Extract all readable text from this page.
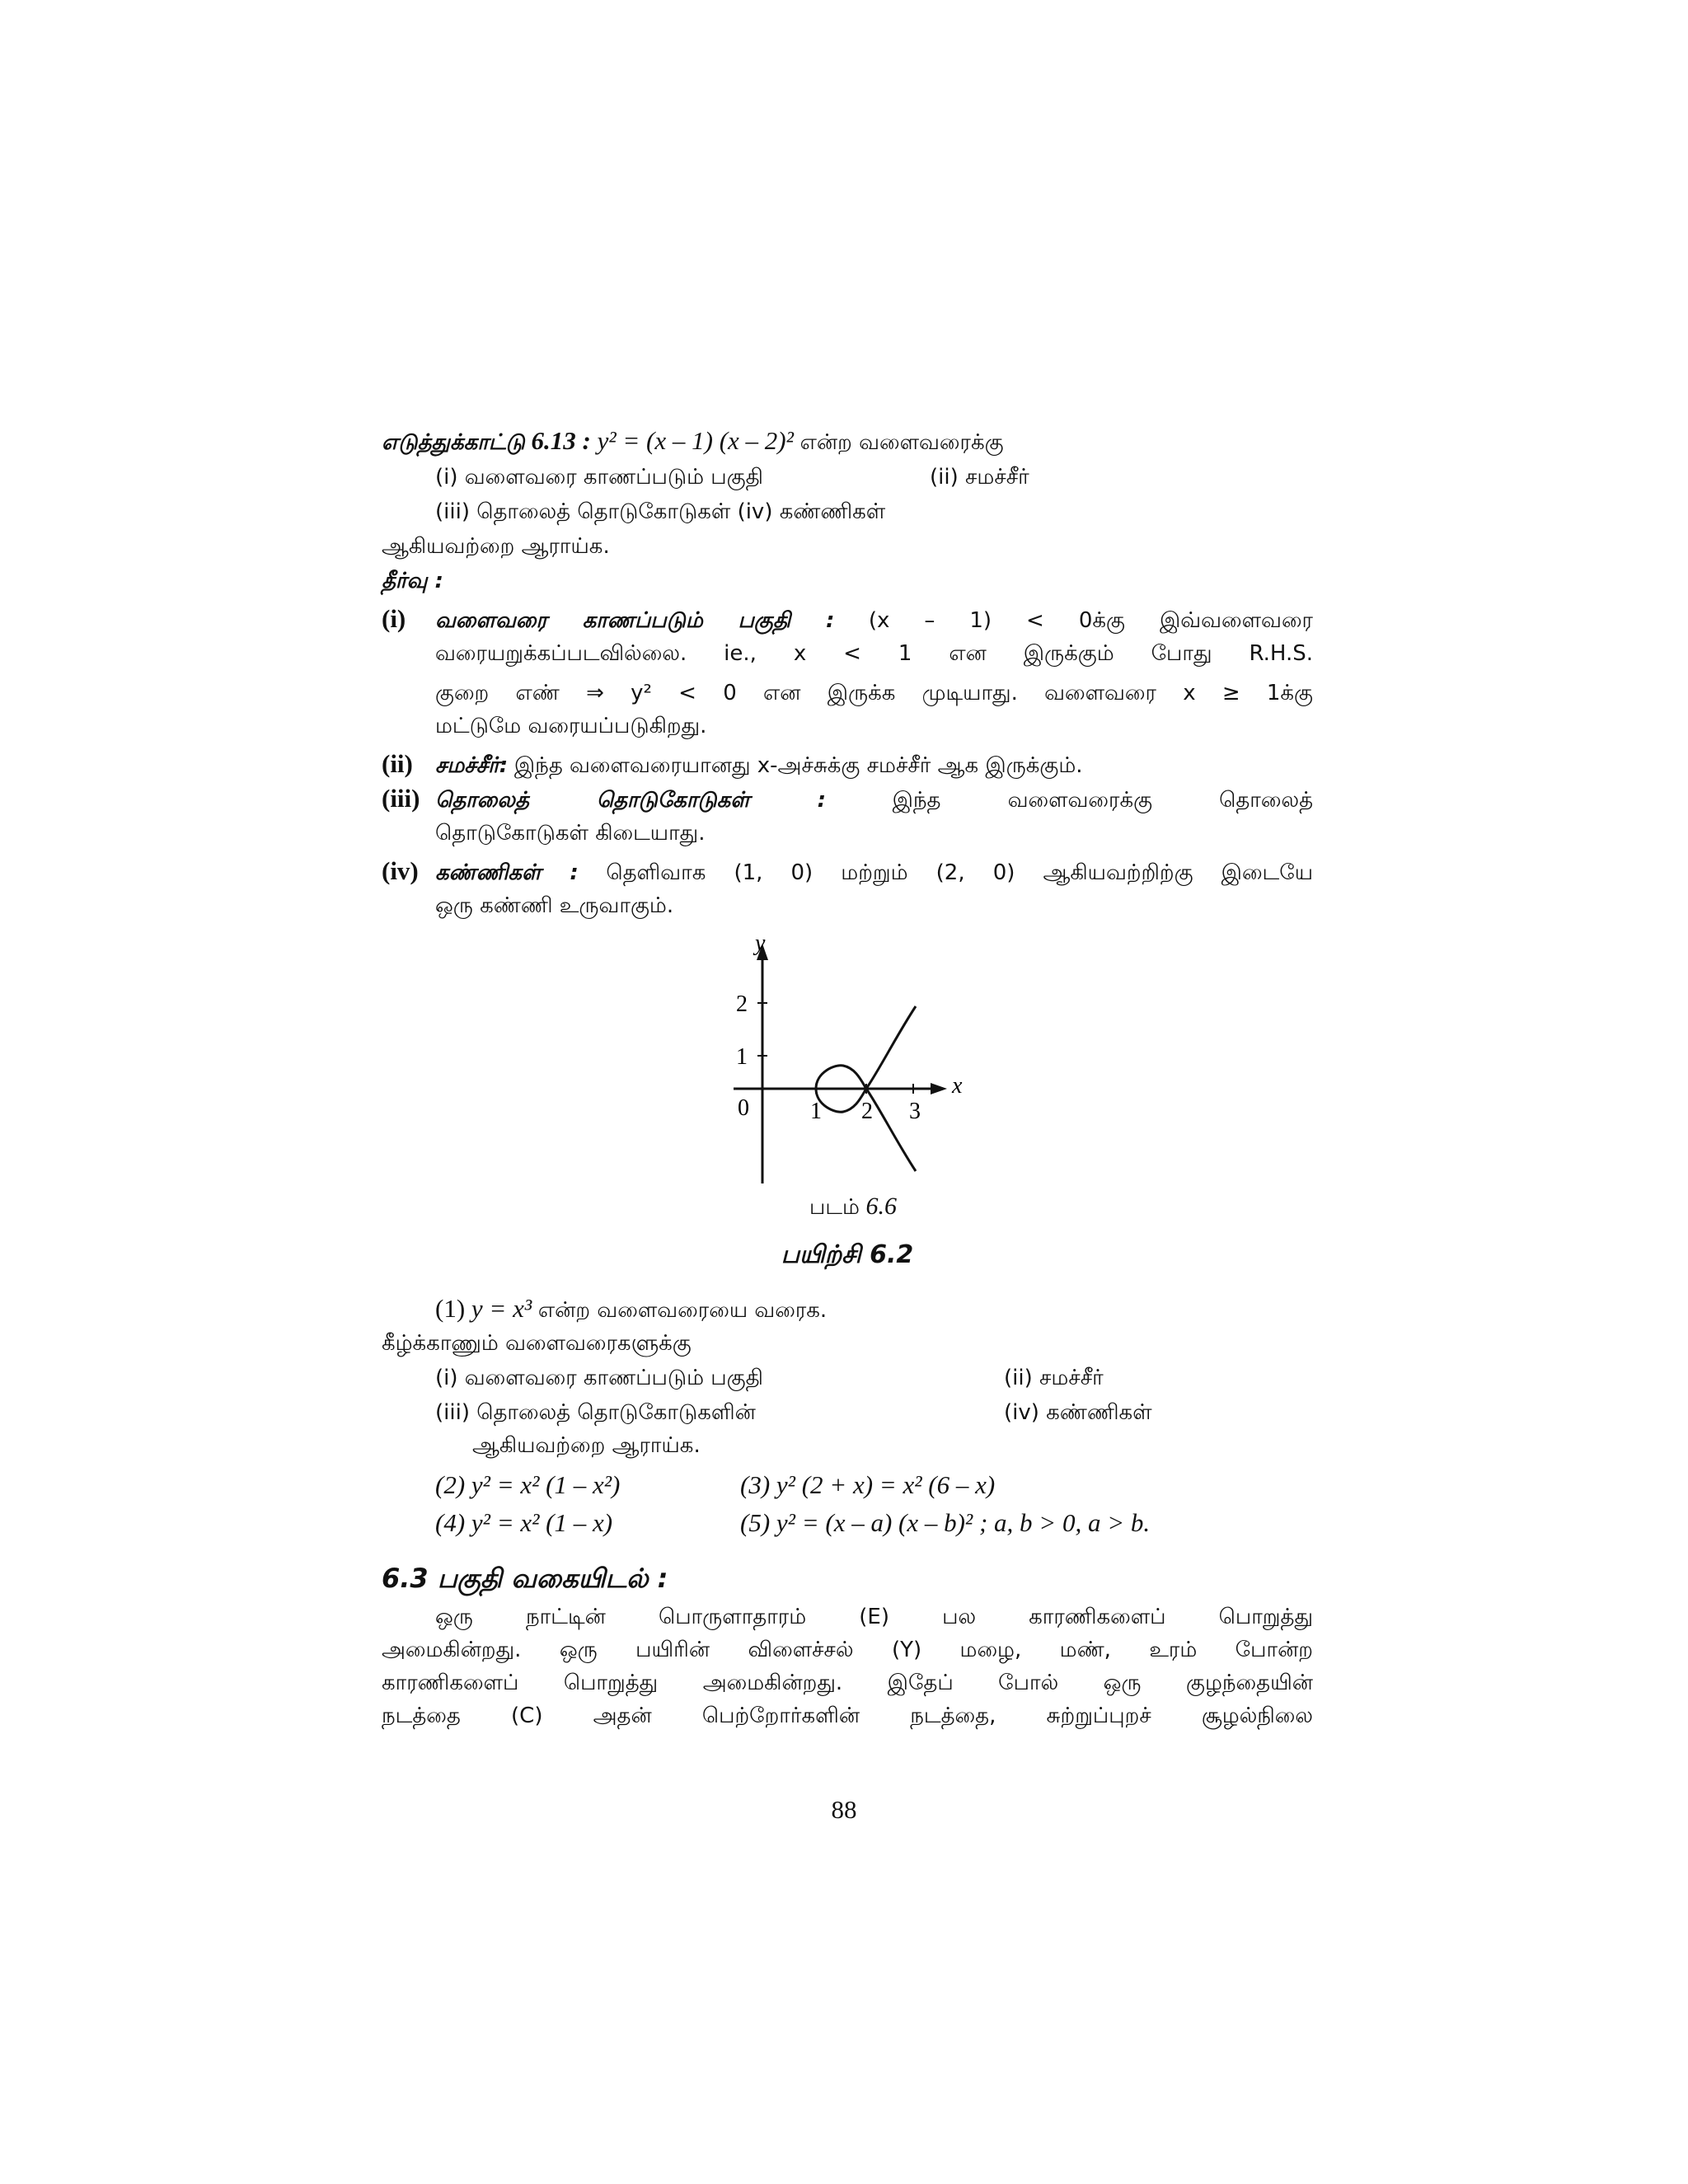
எடுத்துக்காட்டு 6.13 : y² = (x – 1) (x – 2)² என்ற வளைவரைக்கு
(i) வளைவரை காணப்படும் பகுதி	(ii) சமச்சீர்
(iii) தொலைத் தொடுகோடுகள் (iv) கண்ணிகள்
ஆகியவற்றை ஆராய்க.
தீர்வு :
(i) வளைவரை காணப்படும் பகுதி : (x – 1) < 0க்கு இவ்வளைவரை
வரையறுக்கப்படவில்லை. ie., x < 1 என இருக்கும் போது R.H.S.
குறை எண் ⇒ y² < 0 என இருக்க முடியாது. வளைவரை x ≥ 1க்கு
மட்டுமே வரையப்படுகிறது.
(ii) சமச்சீர்: இந்த வளைவரையானது x-அச்சுக்கு சமச்சீர் ஆக இருக்கும்.
(iii) தொலைத் தொடுகோடுகள் :	இந்த வளைவரைக்கு தொலைத்
தொடுகோடுகள் கிடையாது.
(iv) கண்ணிகள் : தெளிவாக (1, 0) மற்றும் (2, 0) ஆகியவற்றிற்கு இடையே
ஒரு கண்ணி உருவாகும்.
y
x
2
1
0	1 2 3
படம் 6.6
பயிற்சி 6.2
(1) y = x³ என்ற வளைவரையை வரைக.
கீழ்க்காணும் வளைவரைகளுக்கு
(i) வளைவரை காணப்படும் பகுதி	(ii) சமச்சீர்
(iii) தொலைத் தொடுகோடுகளின்	(iv) கண்ணிகள்
ஆகியவற்றை ஆராய்க.
(2) y² = x² (1 – x²)	(3) y² (2 + x) = x² (6 – x)
(4) y² = x² (1 – x)	(5) y² = (x – a) (x – b)² ; a, b > 0, a > b.
6.3 பகுதி வகையிடல் :
ஒரு நாட்டின் பொருளாதாரம் (E) பல காரணிகளைப் பொறுத்து
அமைகின்றது. ஒரு பயிரின் விளைச்சல் (Y) மழை, மண், உரம் போன்ற
காரணிகளைப் பொறுத்து அமைகின்றது. இதேப் போல் ஒரு குழந்தையின்
நடத்தை (C) அதன் பெற்றோர்களின் நடத்தை, சுற்றுப்புறச் சூழல்நிலை
88
